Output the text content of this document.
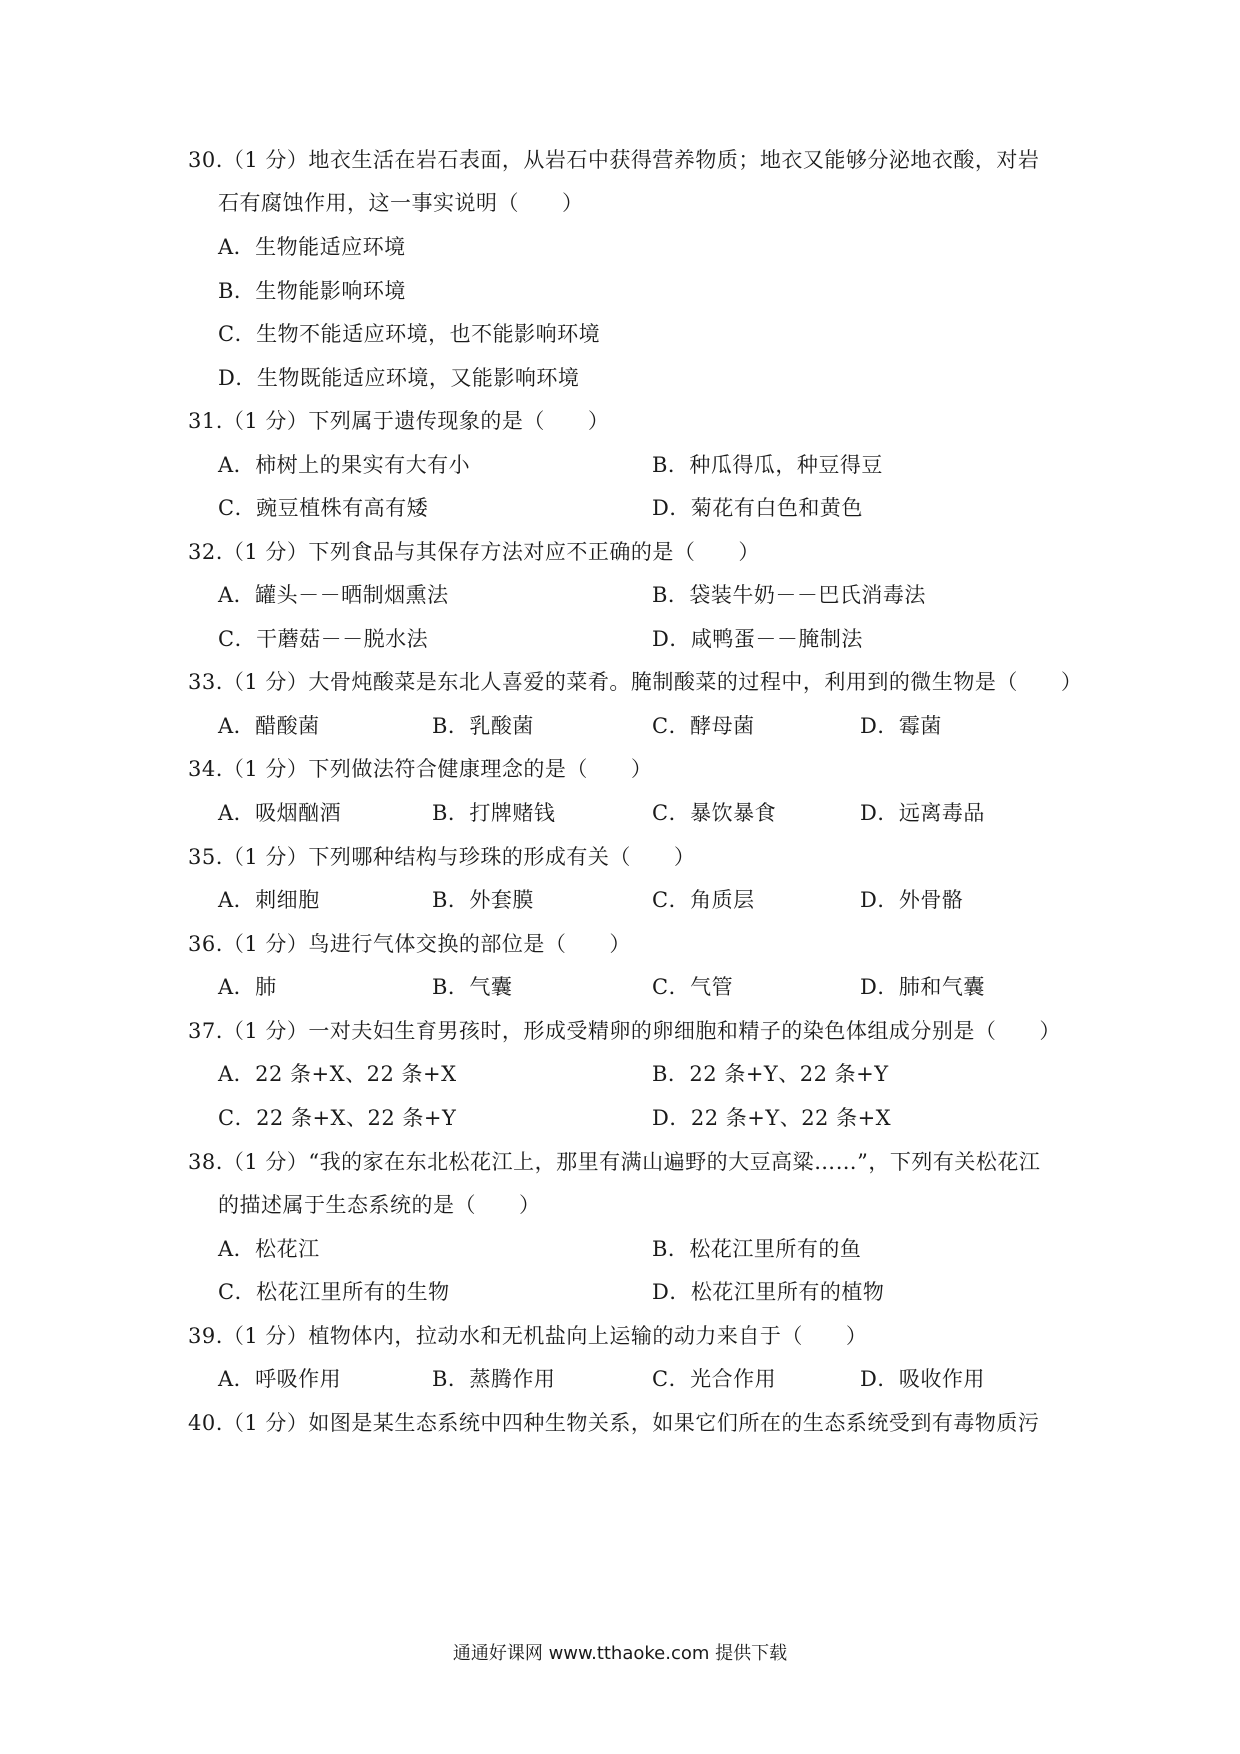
30.（1 分）地衣生活在岩石表面，从岩石中获得营养物质；地衣又能够分泌地衣酸，对岩
石有腐蚀作用，这一事实说明（　　）
A．生物能适应环境
B．生物能影响环境
C．生物不能适应环境，也不能影响环境
D．生物既能适应环境，又能影响环境
31.（1 分）下列属于遗传现象的是（　　）
A．柿树上的果实有大有小	B．种瓜得瓜，种豆得豆
C．豌豆植株有高有矮	D．菊花有白色和黄色
32.（1 分）下列食品与其保存方法对应不正确的是（　　）
A．罐头－－晒制烟熏法	B．袋装牛奶－－巴氏消毒法
C．干蘑菇－－脱水法	D．咸鸭蛋－－腌制法
33.（1 分）大骨炖酸菜是东北人喜爱的菜肴。腌制酸菜的过程中，利用到的微生物是（　　）
A．醋酸菌	B．乳酸菌	C．酵母菌	D．霉菌
34.（1 分）下列做法符合健康理念的是（　　）
A．吸烟酗酒	B．打牌赌钱	C．暴饮暴食	D．远离毒品
35.（1 分）下列哪种结构与珍珠的形成有关（　　）
A．刺细胞	B．外套膜	C．角质层	D．外骨骼
36.（1 分）鸟进行气体交换的部位是（　　）
A．肺	B．气囊	C．气管	D．肺和气囊
37.（1 分）一对夫妇生育男孩时，形成受精卵的卵细胞和精子的染色体组成分别是（　　）
A．22 条+X、22 条+X	B．22 条+Y、22 条+Y
C．22 条+X、22 条+Y	D．22 条+Y、22 条+X
38.（1 分）“我的家在东北松花江上，那里有满山遍野的大豆高粱……”，下列有关松花江
的描述属于生态系统的是（　　）
A．松花江	B．松花江里所有的鱼
C．松花江里所有的生物	D．松花江里所有的植物
39.（1 分）植物体内，拉动水和无机盐向上运输的动力来自于（　　）
A．呼吸作用	B．蒸腾作用	C．光合作用	D．吸收作用
40.（1 分）如图是某生态系统中四种生物关系，如果它们所在的生态系统受到有毒物质污
通通好课网 www.tthaoke.com 提供下载
